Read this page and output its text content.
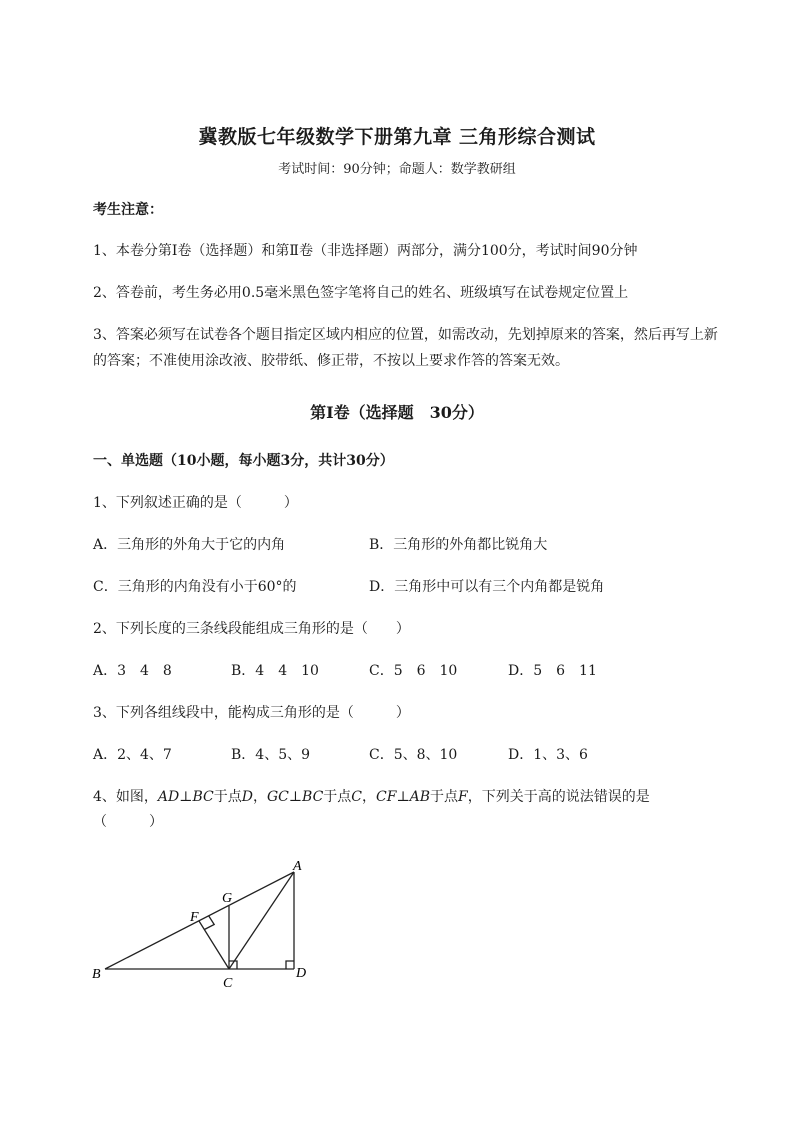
冀教版七年级数学下册第九章 三角形综合测试
考试时间：90分钟；命题人：数学教研组
考生注意：
1、本卷分第I卷（选择题）和第Ⅱ卷（非选择题）两部分，满分100分，考试时间90分钟
2、答卷前，考生务必用0.5毫米黑色签字笔将自己的姓名、班级填写在试卷规定位置上
3、答案必须写在试卷各个题目指定区域内相应的位置，如需改动，先划掉原来的答案，然后再写上新
的答案；不准使用涂改液、胶带纸、修正带，不按以上要求作答的答案无效。
第I卷（选择题　30分）
一、单选题（10小题，每小题3分，共计30分）
1、下列叙述正确的是（　　　）
A．三角形的外角大于它的内角	B．三角形的外角都比锐角大
C．三角形的内角没有小于60°的	D．三角形中可以有三个内角都是锐角
2、下列长度的三条线段能组成三角形的是（　　）
A．3　4　8	B．4　4　10	C．5　6　10	D．5　6　11
3、下列各组线段中，能构成三角形的是（　　　）
A．2、4、7	B．4、5、9	C．5、8、10	D．1、3、6
4、如图，AD⊥BC于点D，GC⊥BC于点C，CF⊥AB于点F，下列关于高的说法错误的是
（　　　）
A
G
F
B
C
D
